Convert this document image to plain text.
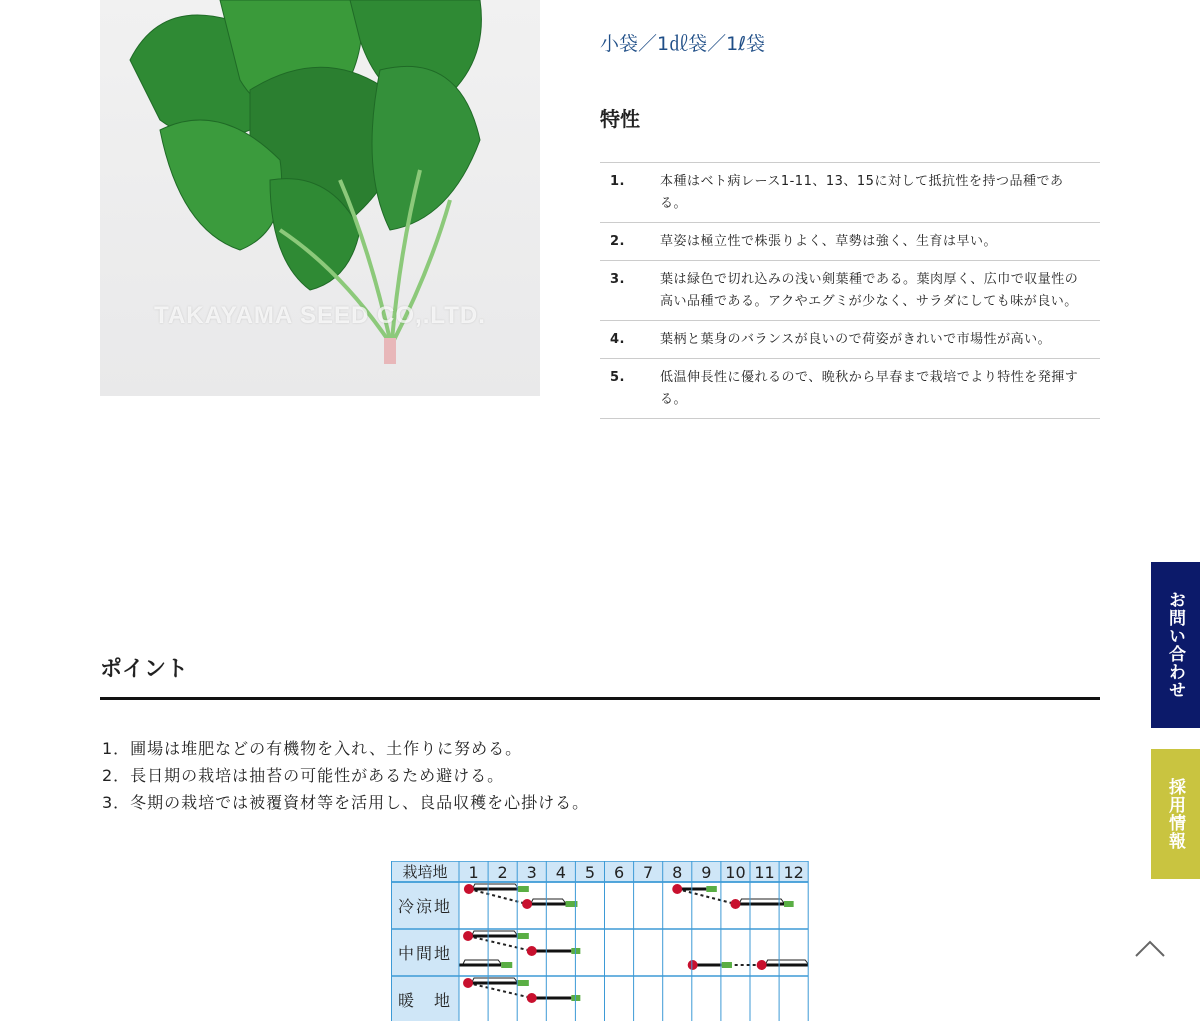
TAKAYAMA SEED CO,.LTD.
小袋／1㎗袋／1ℓ袋
特性
1.	本種はベト病レース1-11、13、15に対して抵抗性を持つ品種である。
2.	草姿は極立性で株張りよく、草勢は強く、生育は早い。
3.	葉は緑色で切れ込みの浅い剣葉種である。葉肉厚く、広巾で収量性の高い品種である。アクやエグミが少なく、サラダにしても味が良い。
4.	葉柄と葉身のバランスが良いので荷姿がきれいで市場性が高い。
5.	低温伸長性に優れるので、晩秋から早春まで栽培でより特性を発揮する。
ポイント
1．圃場は堆肥などの有機物を入れ、土作りに努める。
2．長日期の栽培は抽苔の可能性があるため避ける。
3．冬期の栽培では被覆資材等を活用し、良品収穫を心掛ける。
栽培地 1 2 3 4 5 6 7 8 9 10 11 12
冷涼地
中間地
暖　地
お問い合わせ
採用情報
